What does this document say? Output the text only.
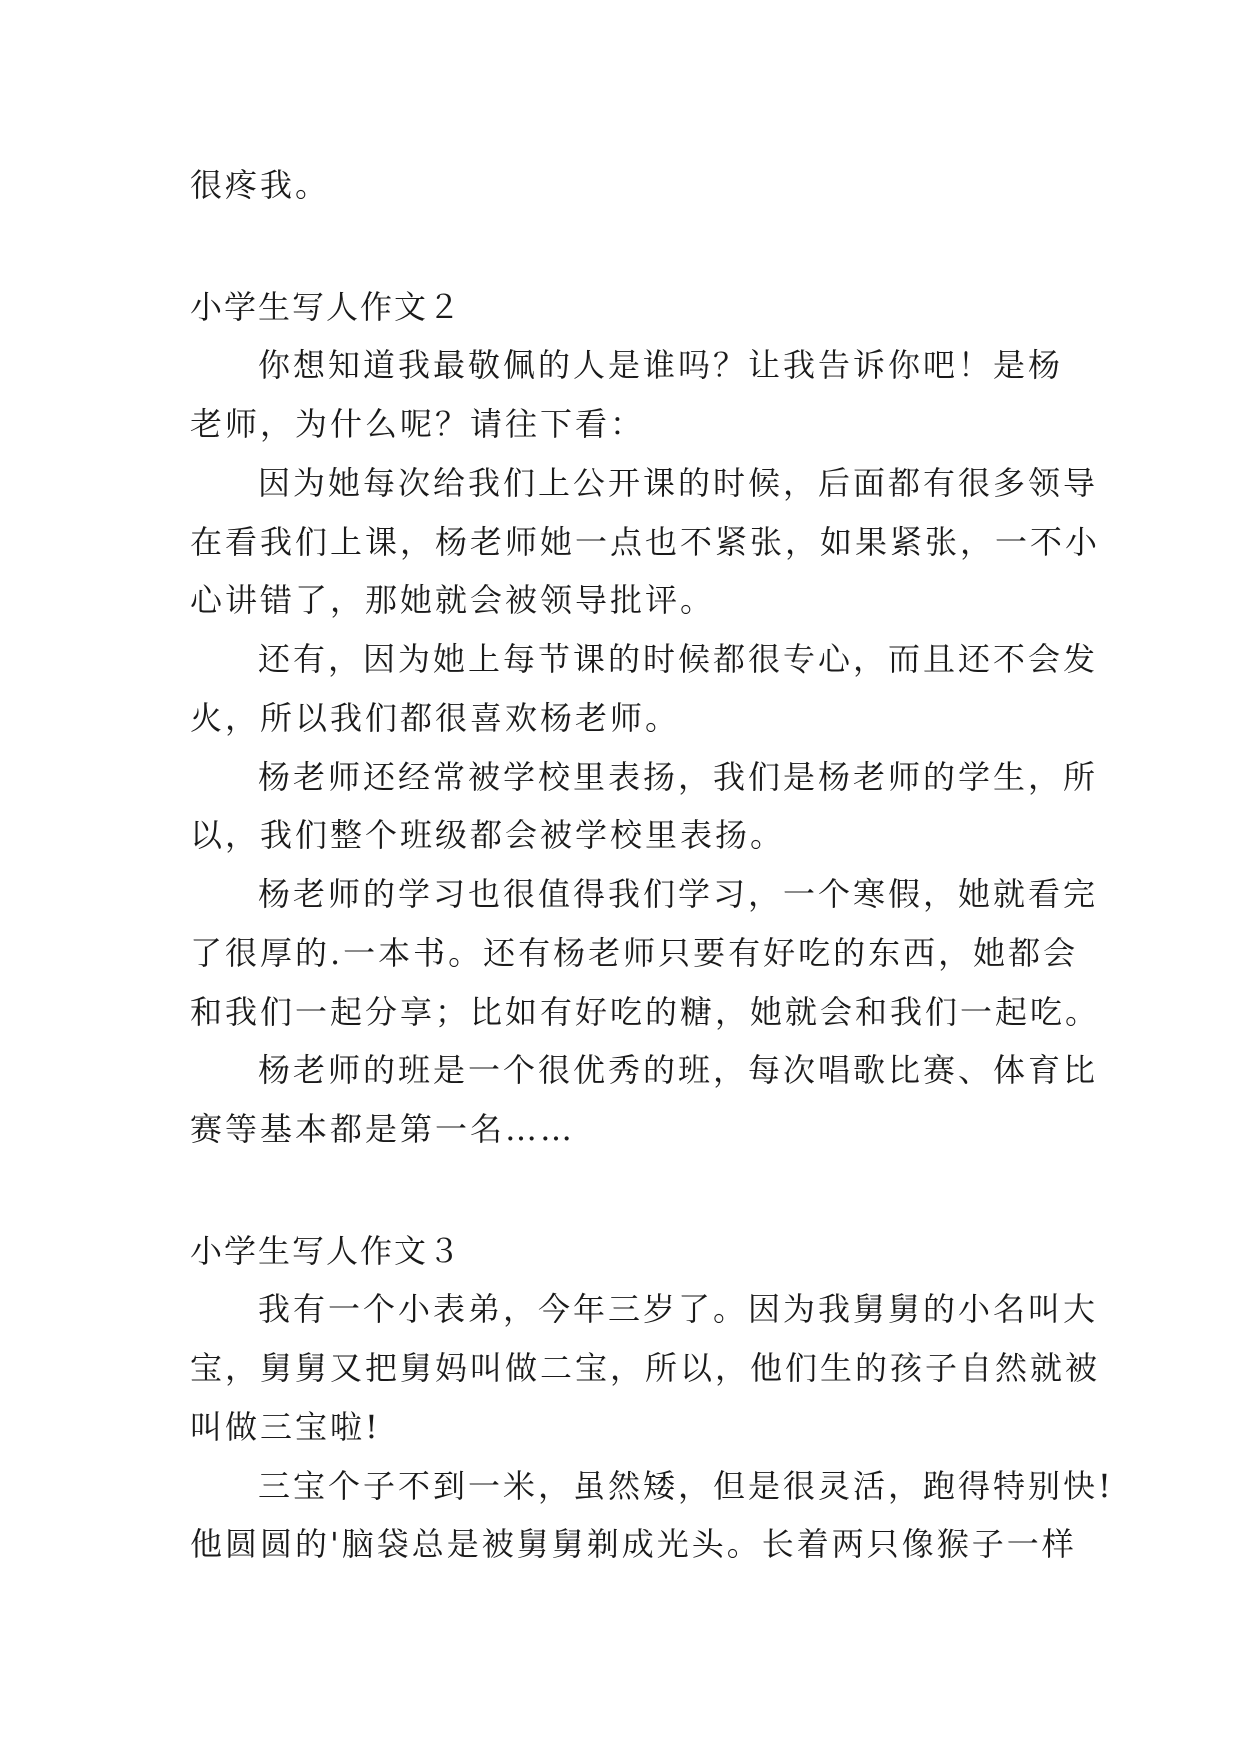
很疼我。
小学生写人作文２
你想知道我最敬佩的人是谁吗？让我告诉你吧！是杨
老师，为什么呢？请往下看：
因为她每次给我们上公开课的时候，后面都有很多领导
在看我们上课，杨老师她一点也不紧张，如果紧张，一不小
心讲错了，那她就会被领导批评。
还有，因为她上每节课的时候都很专心，而且还不会发
火，所以我们都很喜欢杨老师。
杨老师还经常被学校里表扬，我们是杨老师的学生，所
以，我们整个班级都会被学校里表扬。
杨老师的学习也很值得我们学习，一个寒假，她就看完
了很厚的.一本书。还有杨老师只要有好吃的东西，她都会
和我们一起分享；比如有好吃的糖，她就会和我们一起吃。
杨老师的班是一个很优秀的班，每次唱歌比赛、体育比
赛等基本都是第一名……
小学生写人作文３
我有一个小表弟，今年三岁了。因为我舅舅的小名叫大
宝，舅舅又把舅妈叫做二宝，所以，他们生的孩子自然就被
叫做三宝啦!
三宝个子不到一米，虽然矮，但是很灵活，跑得特别快!
他圆圆的'脑袋总是被舅舅剃成光头。长着两只像猴子一样
